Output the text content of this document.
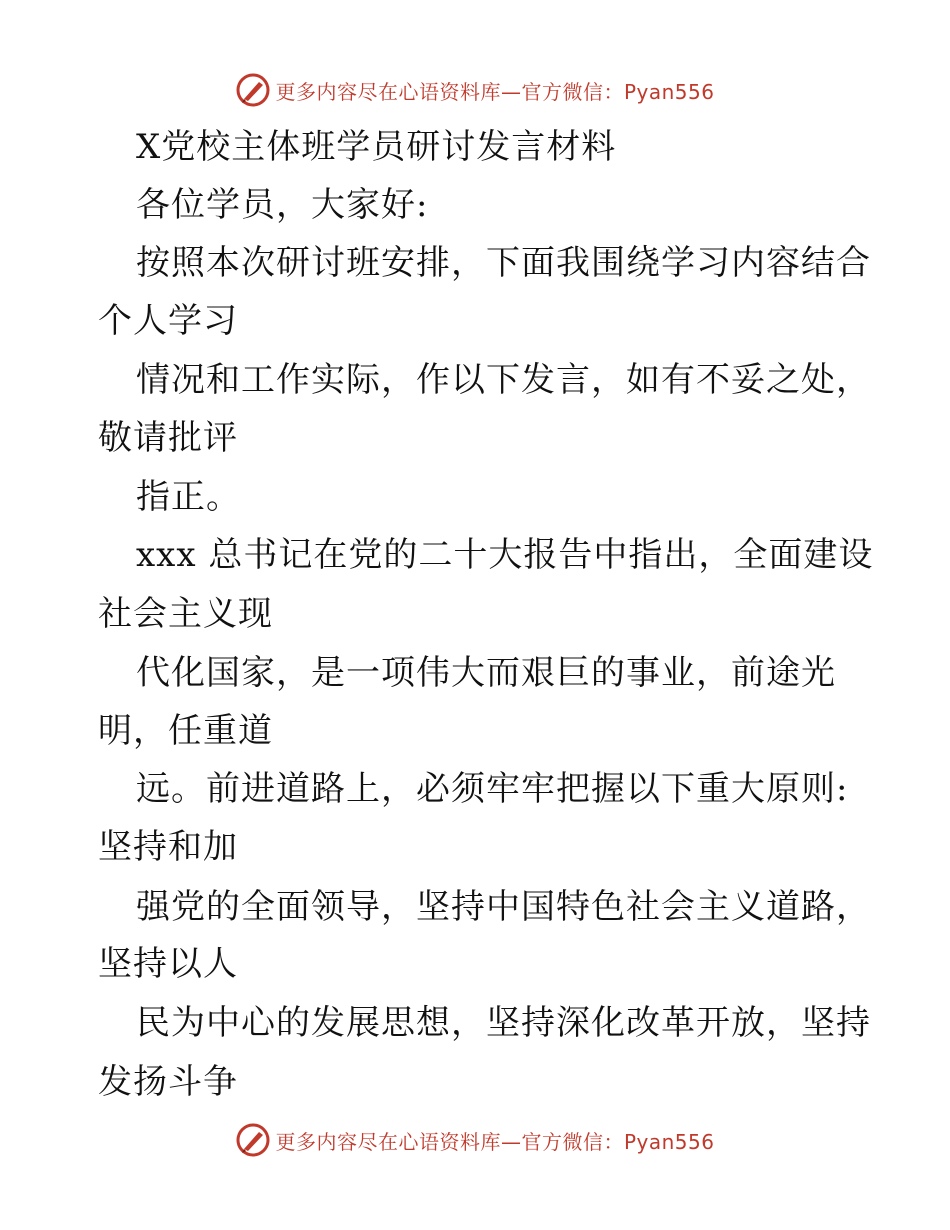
更多内容尽在心语资料库—官方微信：Pyan556
X党校主体班学员研讨发言材料
各位学员，大家好:
按照本次研讨班安排，下面我围绕学习内容结合
个人学习
情况和工作实际，作以下发言，如有不妥之处，
敬请批评
指正。
xxx 总书记在党的二十大报告中指出，全面建设
社会主义现
代化国家，是一项伟大而艰巨的事业，前途光
明，任重道
远。前进道路上，必须牢牢把握以下重大原则:
坚持和加
强党的全面领导，坚持中国特色社会主义道路，
坚持以人
民为中心的发展思想，坚持深化改革开放，坚持
发扬斗争
更多内容尽在心语资料库—官方微信：Pyan556
